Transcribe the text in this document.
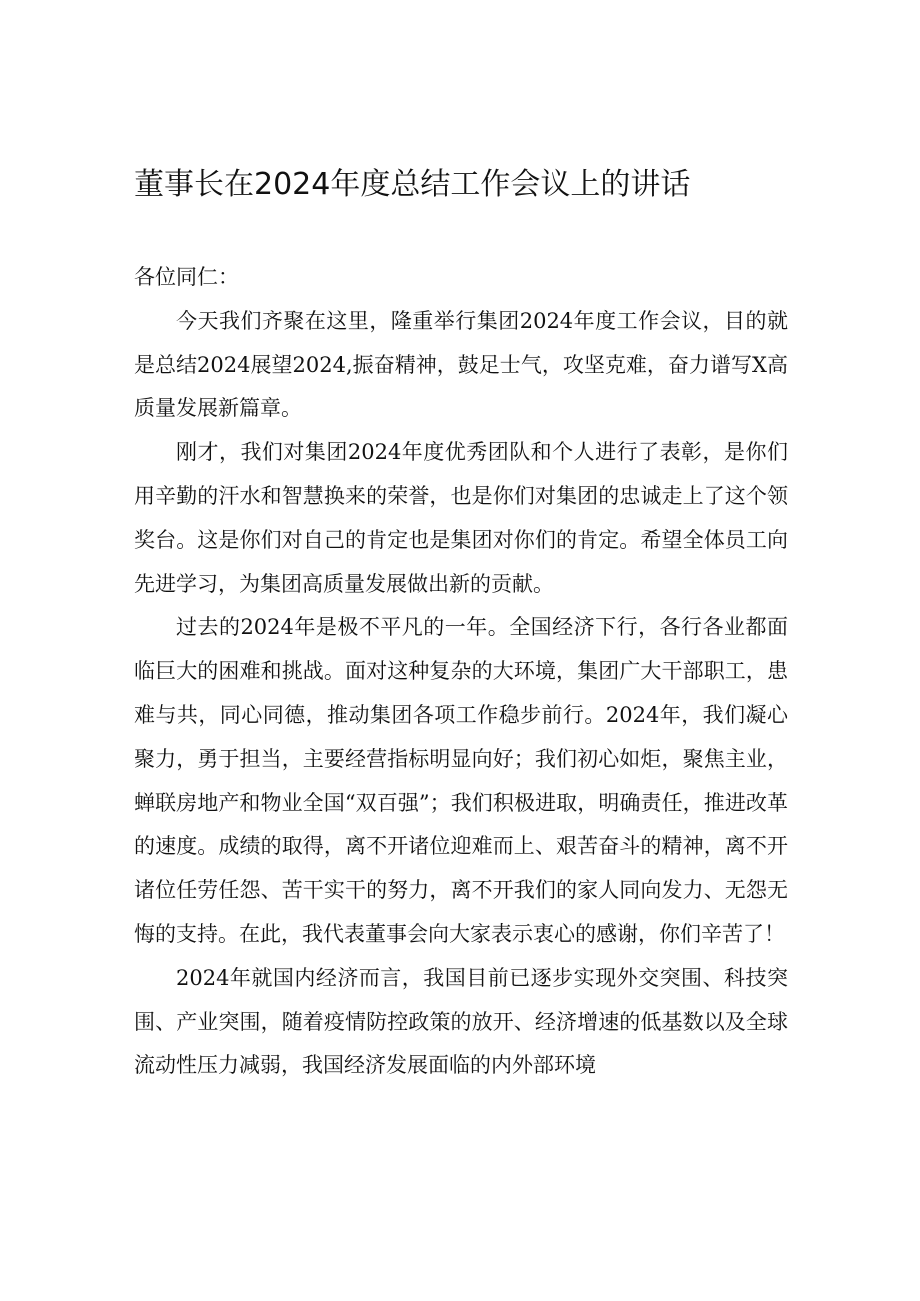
董事长在2024年度总结工作会议上的讲话

各位同仁：

今天我们齐聚在这里，隆重举行集团2024年度工作会议，目的就是总结2024展望2024,振奋精神，鼓足士气，攻坚克难，奋力谱写X高质量发展新篇章。

刚才，我们对集团2024年度优秀团队和个人进行了表彰，是你们用辛勤的汗水和智慧换来的荣誉，也是你们对集团的忠诚走上了这个领奖台。这是你们对自己的肯定也是集团对你们的肯定。希望全体员工向先进学习，为集团高质量发展做出新的贡献。

过去的2024年是极不平凡的一年。全国经济下行，各行各业都面临巨大的困难和挑战。面对这种复杂的大环境，集团广大干部职工，患难与共，同心同德，推动集团各项工作稳步前行。2024年，我们凝心聚力，勇于担当，主要经营指标明显向好；我们初心如炬，聚焦主业，蝉联房地产和物业全国“双百强”；我们积极进取，明确责任，推进改革的速度。成绩的取得，离不开诸位迎难而上、艰苦奋斗的精神，离不开诸位任劳任怨、苦干实干的努力，离不开我们的家人同向发力、无怨无悔的支持。在此，我代表董事会向大家表示衷心的感谢，你们辛苦了！

2024年就国内经济而言，我国目前已逐步实现外交突围、科技突围、产业突围，随着疫情防控政策的放开、经济增速的低基数以及全球流动性压力减弱，我国经济发展面临的内外部环境
